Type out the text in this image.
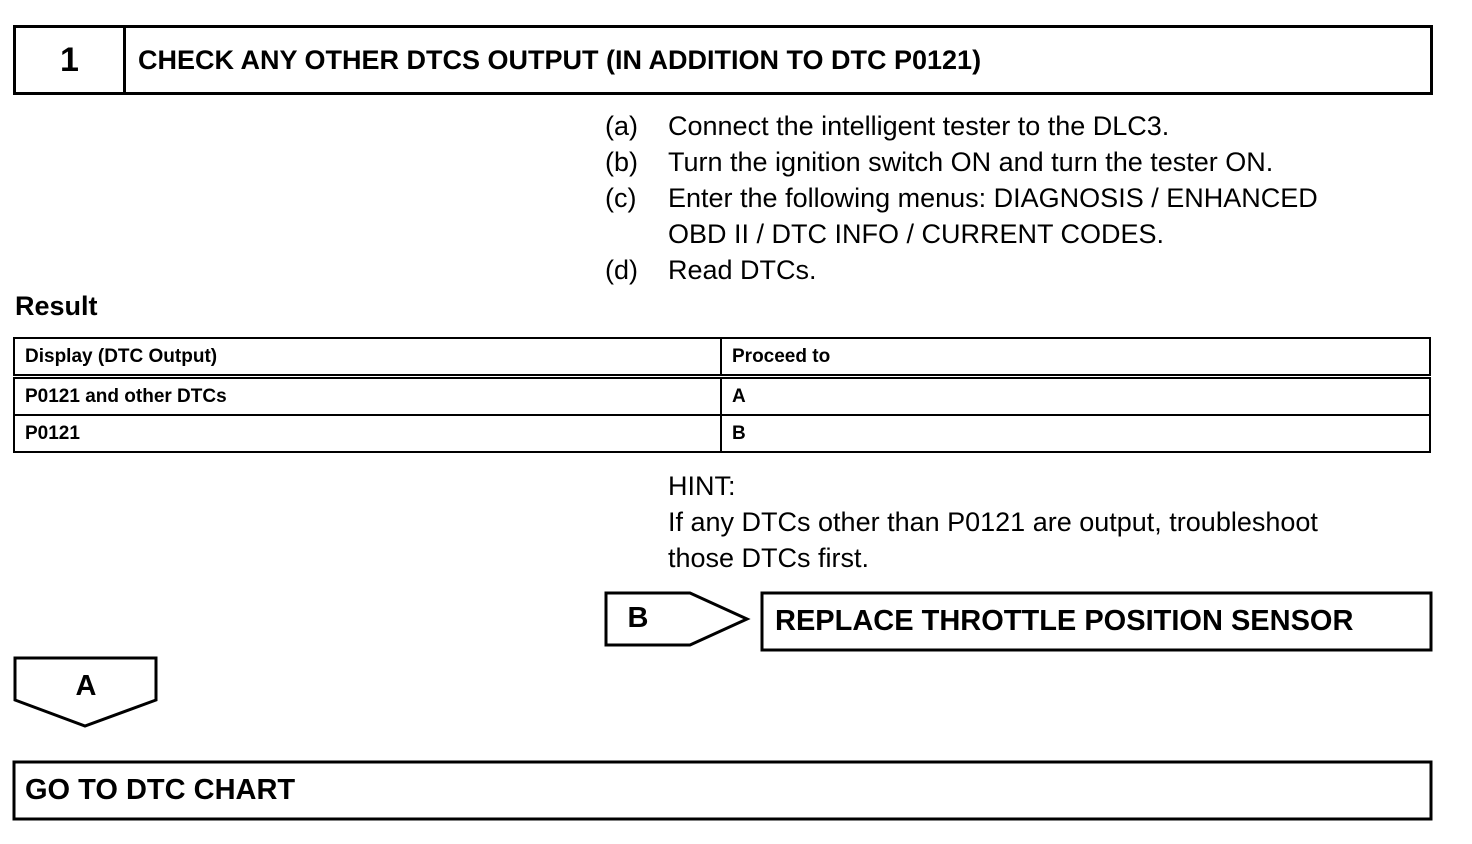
1	CHECK ANY OTHER DTCS OUTPUT (IN ADDITION TO DTC P0121)
(a)	Connect the intelligent tester to the DLC3.
(b)	Turn the ignition switch ON and turn the tester ON.
(c)	Enter the following menus: DIAGNOSIS / ENHANCED
OBD II / DTC INFO / CURRENT CODES.
(d)	Read DTCs.
Result
Display (DTC Output)	Proceed to
P0121 and other DTCs	A
P0121	B
HINT:
If any DTCs other than P0121 are output, troubleshoot
those DTCs first.
B	REPLACE THROTTLE POSITION SENSOR
A
GO TO DTC CHART
